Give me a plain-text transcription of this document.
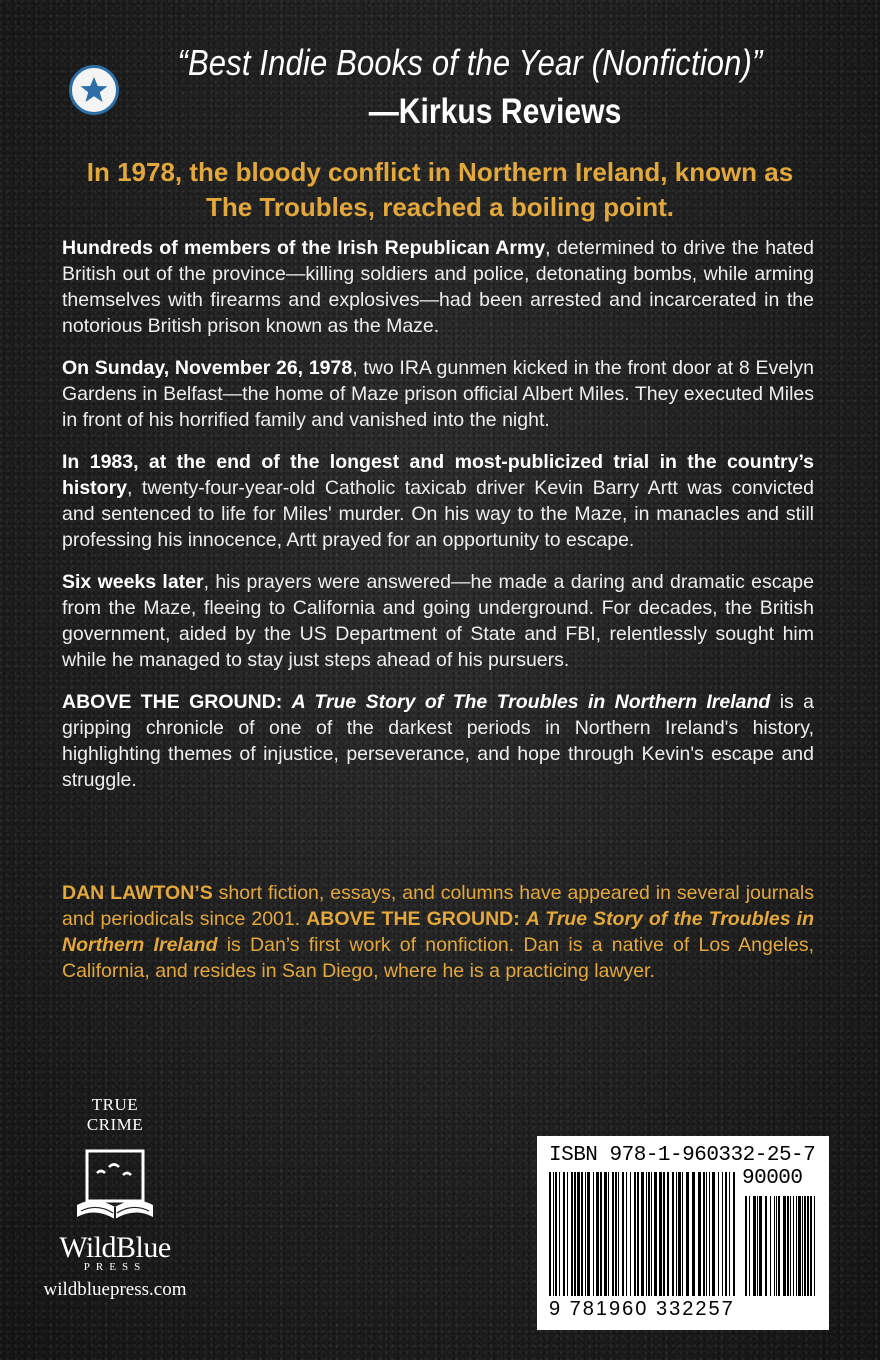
“Best Indie Books of the Year (Nonfiction)”
—Kirkus Reviews
In 1978, the bloody conflict in Northern Ireland, known as
The Troubles, reached a boiling point.

Hundreds of members of the Irish Republican Army, determined to drive the hated British out of the province—killing soldiers and police, detonating bombs, while arming themselves with firearms and explosives—had been arrested and incarcerated in the notorious British prison known as the Maze.

On Sunday, November 26, 1978, two IRA gunmen kicked in the front door at 8 Evelyn Gardens in Belfast—the home of Maze prison official Albert Miles. They executed Miles in front of his horrified family and vanished into the night.

In 1983, at the end of the longest and most-publicized trial in the country’s history, twenty-four-year-old Catholic taxicab driver Kevin Barry Artt was convicted and sentenced to life for Miles' murder. On his way to the Maze, in manacles and still professing his innocence, Artt prayed for an opportunity to escape.

Six weeks later, his prayers were answered—he made a daring and dramatic escape from the Maze, fleeing to California and going underground. For decades, the British government, aided by the US Department of State and FBI, relentlessly sought him while he managed to stay just steps ahead of his pursuers.

ABOVE THE GROUND: A True Story of The Troubles in Northern Ireland is a gripping chronicle of one of the darkest periods in Northern Ireland's history, highlighting themes of injustice, perseverance, and hope through Kevin's escape and struggle.

DAN LAWTON’S short fiction, essays, and columns have appeared in several journals and periodicals since 2001. ABOVE THE GROUND: A True Story of the Troubles in Northern Ireland is Dan’s first work of nonfiction. Dan is a native of Los Angeles, California, and resides in San Diego, where he is a practicing lawyer.

TRUE
CRIME
WildBlue
PRESS
wildbluepress.com
ISBN 978-1-960332-25-7
90000
9 781960 332257
